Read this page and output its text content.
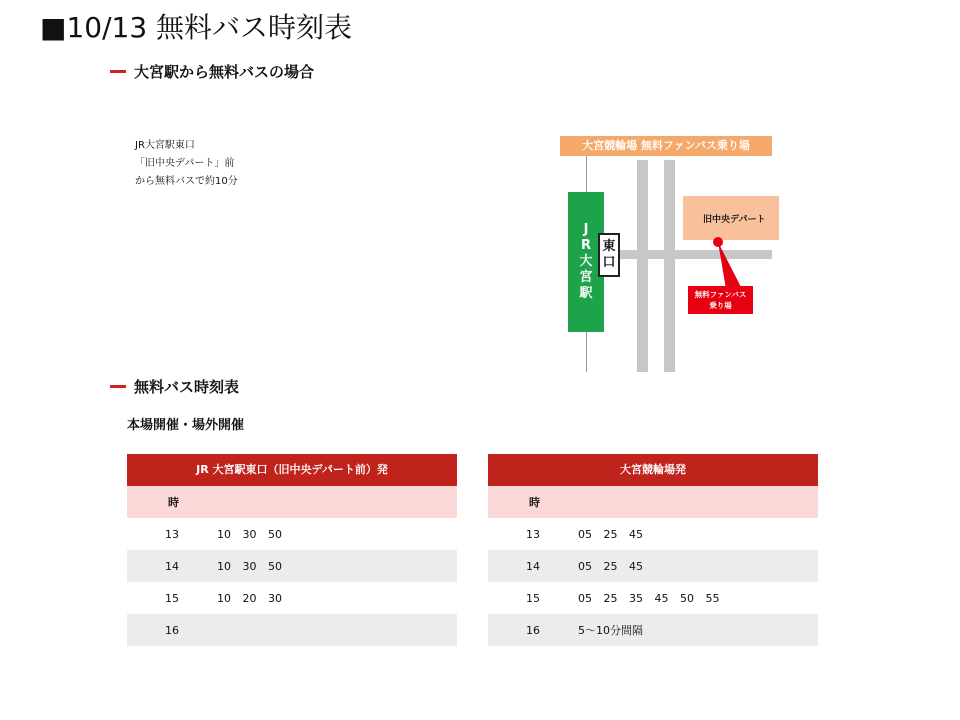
■10/13 無料バス時刻表
大宮駅から無料バスの場合
JR大宮駅東口
「旧中央デパート」前
から無料バスで約10分
大宮競輪場 無料ファンバス乗り場
J
R
大
宮
駅
東
口
旧中央デパート
無料ファンバス
乗り場
無料バス時刻表
本場開催・場外開催
JR 大宮駅東口（旧中央デパート前）発
時
13	10 30 50
14	10 30 50
15	10 20 30
16
大宮競輪場発
時
13	05 25 45
14	05 25 45
15	05 25 35 45 50 55
16	5～10分間隔
